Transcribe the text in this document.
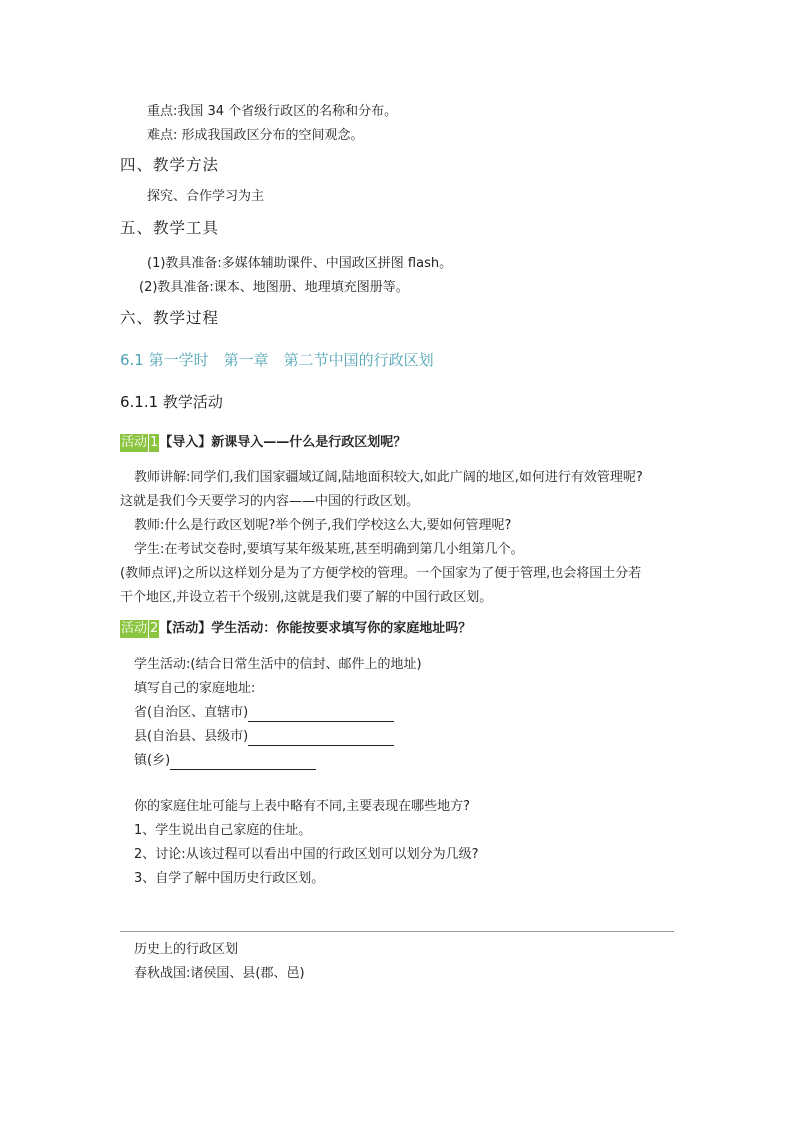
重点:我国 34 个省级行政区的名称和分布。
难点: 形成我国政区分布的空间观念。
四、教学方法
探究、合作学习为主
五、教学工具
(1)教具准备:多媒体辅助课件、中国政区拼图 flash。
(2)教具准备:课本、地图册、地理填充图册等。
六、教学过程
6.1 第一学时　第一章　第二节中国的行政区划
6.1.1 教学活动
活动 1【导入】新课导入——什么是行政区划呢？
教师讲解:同学们,我们国家疆域辽阔,陆地面积较大,如此广阔的地区,如何进行有效管理呢?
这就是我们今天要学习的内容——中国的行政区划。
教师:什么是行政区划呢?举个例子,我们学校这么大,要如何管理呢?
学生:在考试交卷时,要填写某年级某班,甚至明确到第几小组第几个。
(教师点评)之所以这样划分是为了方便学校的管理。一个国家为了便于管理,也会将国土分若
干个地区,并设立若干个级别,这就是我们要了解的中国行政区划。
活动 2【活动】学生活动：你能按要求填写你的家庭地址吗？
学生活动:(结合日常生活中的信封、邮件上的地址)
填写自己的家庭地址:
省(自治区、直辖市)
县(自治县、县级市)
镇(乡)
你的家庭住址可能与上表中略有不同,主要表现在哪些地方?
1、学生说出自己家庭的住址。
2、讨论:从该过程可以看出中国的行政区划可以划分为几级?
3、自学了解中国历史行政区划。
历史上的行政区划
春秋战国:诸侯国、县(郡、邑)
